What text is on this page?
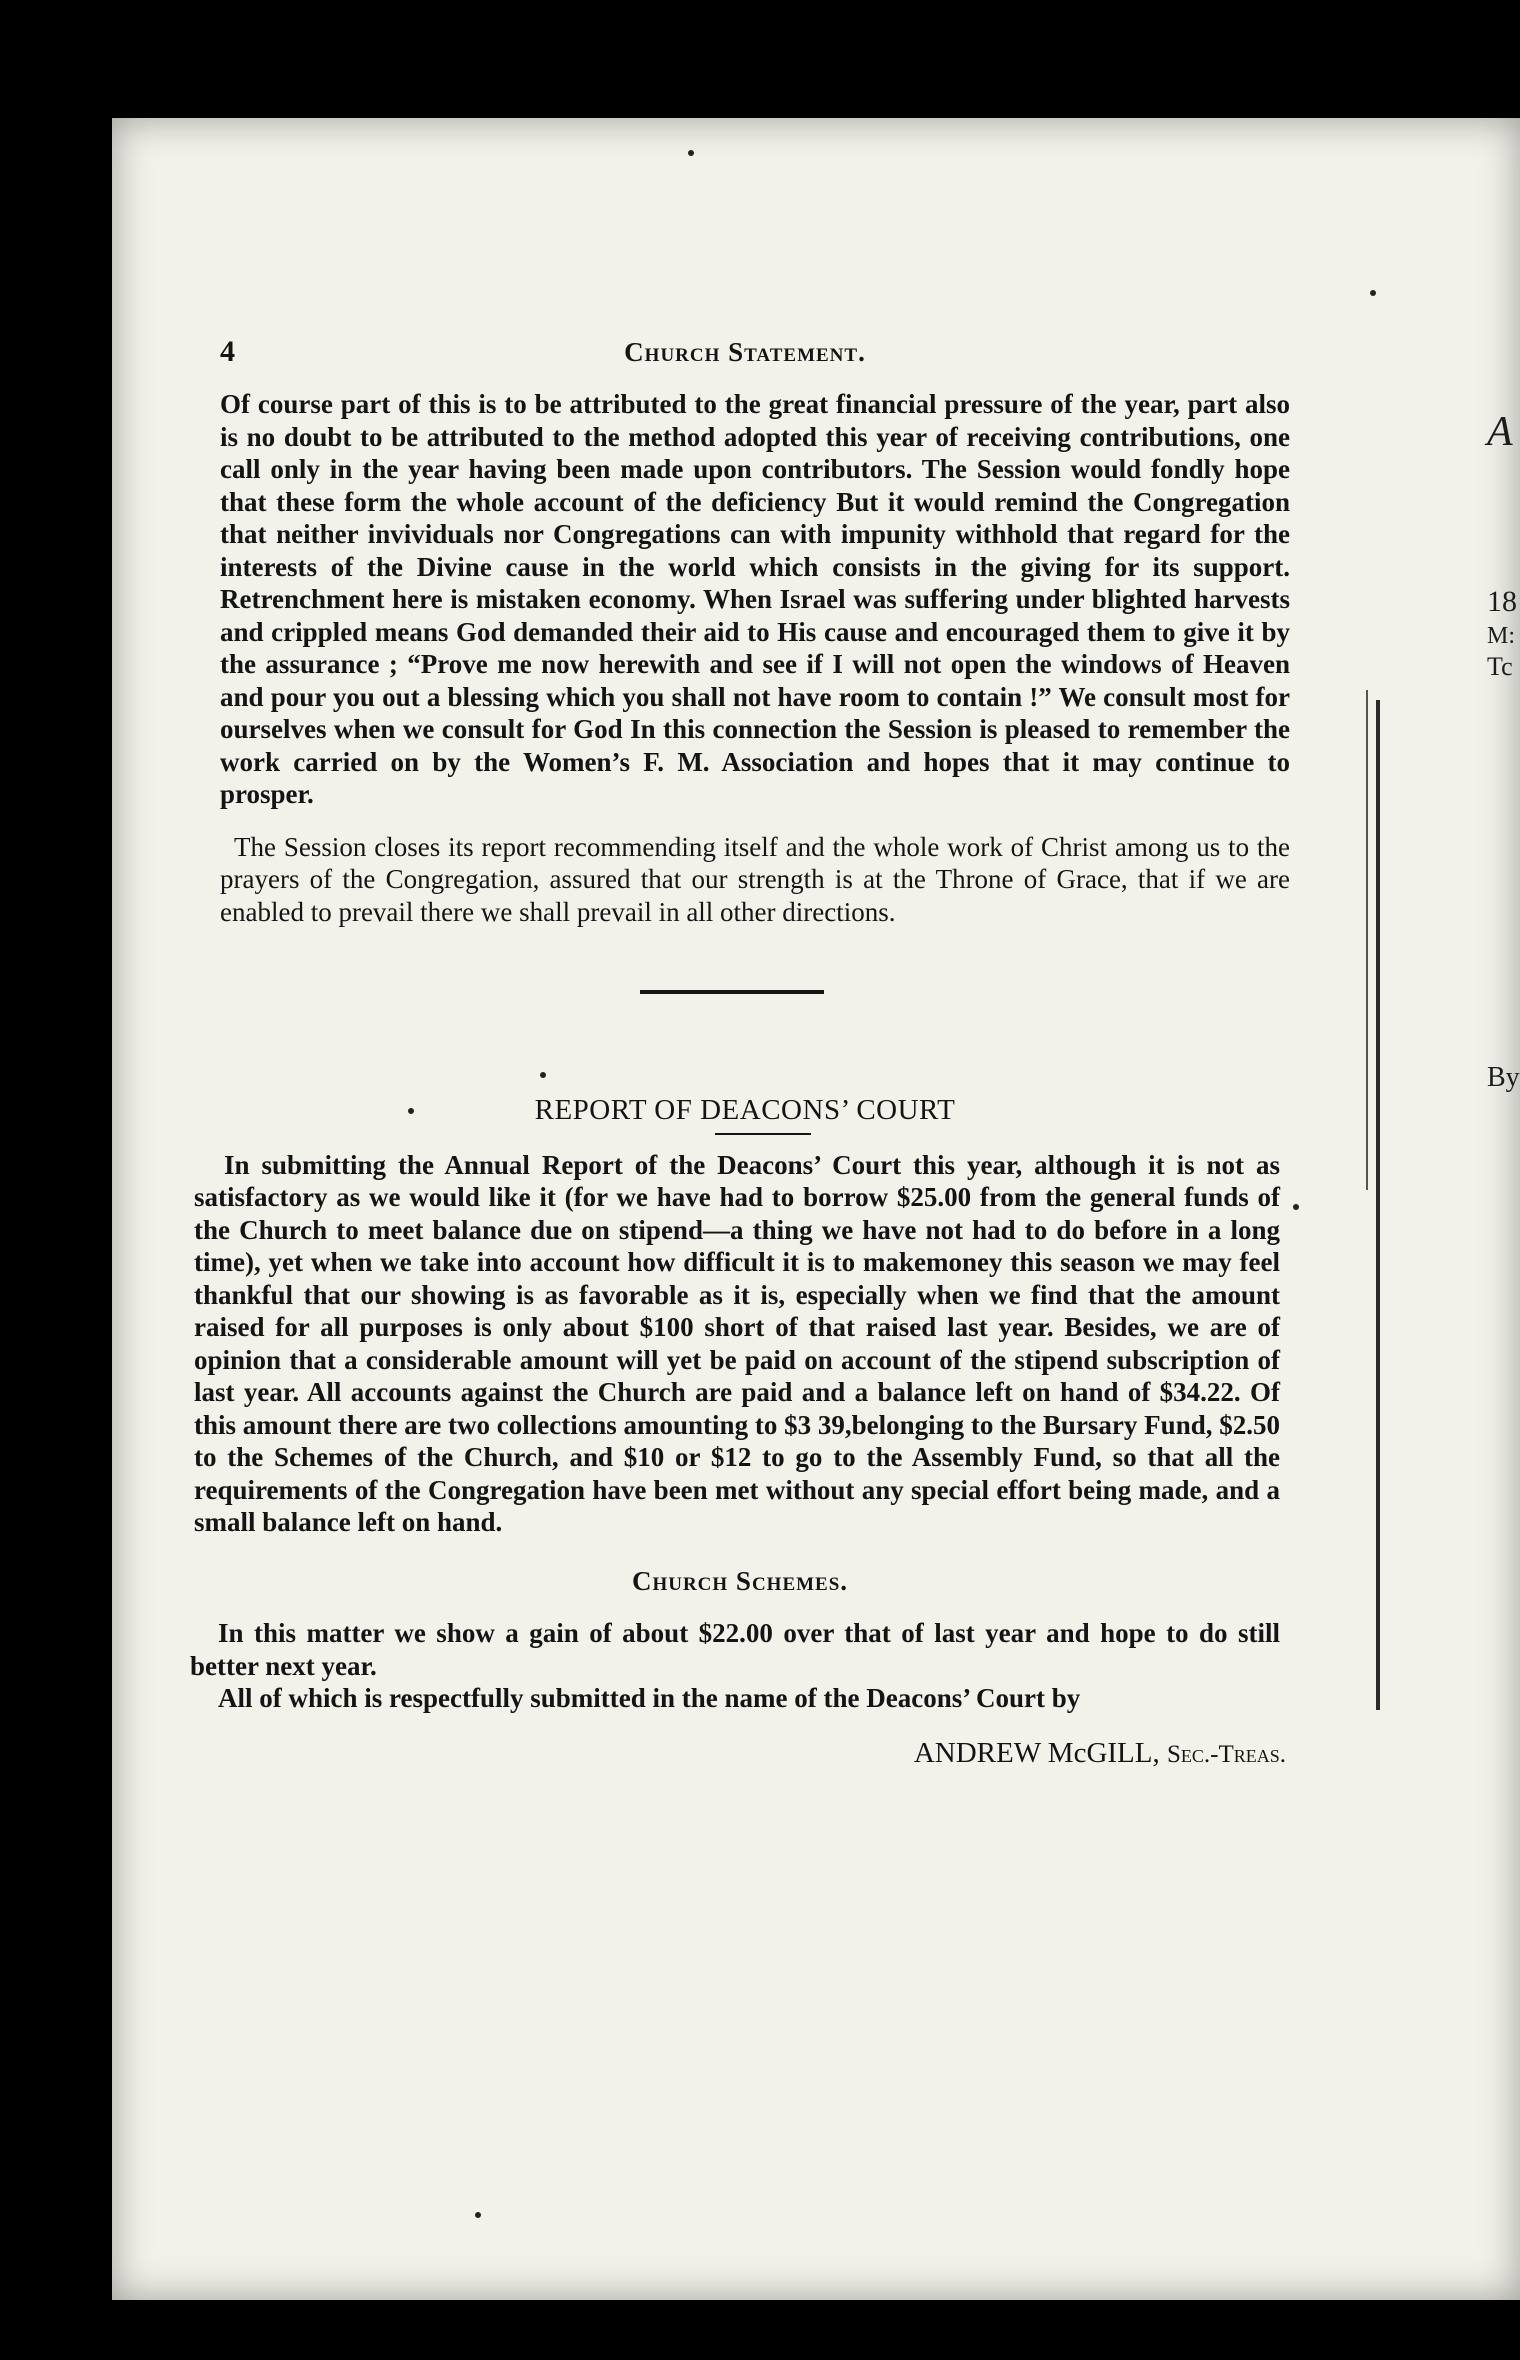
4	Church Statement.

Of course part of this is to be attributed to the great financial pressure of the year, part also is no doubt to be attributed to the method adopted this year of receiving contributions, one call only in the year having been made upon contributors. The Session would fondly hope that these form the whole account of the deficiency But it would remind the Congregation that neither invividuals nor Congregations can with impunity withhold that regard for the interests of the Divine cause in the world which consists in the giving for its support. Retrenchment here is mistaken economy. When Israel was suffering under blighted harvests and crippled means God demanded their aid to His cause and encouraged them to give it by the assurance ; “Prove me now herewith and see if I will not open the windows of Heaven and pour you out a blessing which you shall not have room to contain !” We consult most for ourselves when we consult for God In this connection the Session is pleased to remember the work carried on by the Women’s F. M. Association and hopes that it may continue to prosper.

The Session closes its report recommending itself and the whole work of Christ among us to the prayers of the Congregation, assured that our strength is at the Throne of Grace, that if we are enabled to prevail there we shall prevail in all other directions.

REPORT OF DEACONS’ COURT

In submitting the Annual Report of the Deacons’ Court this year, although it is not as satisfactory as we would like it (for we have had to borrow $25.00 from the general funds of the Church to meet balance due on stipend—a thing we have not had to do before in a long time), yet when we take into account how difficult it is to makemoney this season we may feel thankful that our showing is as favorable as it is, especially when we find that the amount raised for all purposes is only about $100 short of that raised last year. Besides, we are of opinion that a considerable amount will yet be paid on account of the stipend subscription of last year. All accounts against the Church are paid and a balance left on hand of $34.22. Of this amount there are two collections amounting to $3 39,belonging to the Bursary Fund, $2.50 to the Schemes of the Church, and $10 or $12 to go to the Assembly Fund, so that all the requirements of the Congregation have been met without any special effort being made, and a small balance left on hand.

Church Schemes.

In this matter we show a gain of about $22.00 over that of last year and hope to do still better next year.

All of which is respectfully submitted in the name of the Deacons’ Court by

ANDREW McGILL, Sec.-Treas.
A
18
M:
Tc
By
